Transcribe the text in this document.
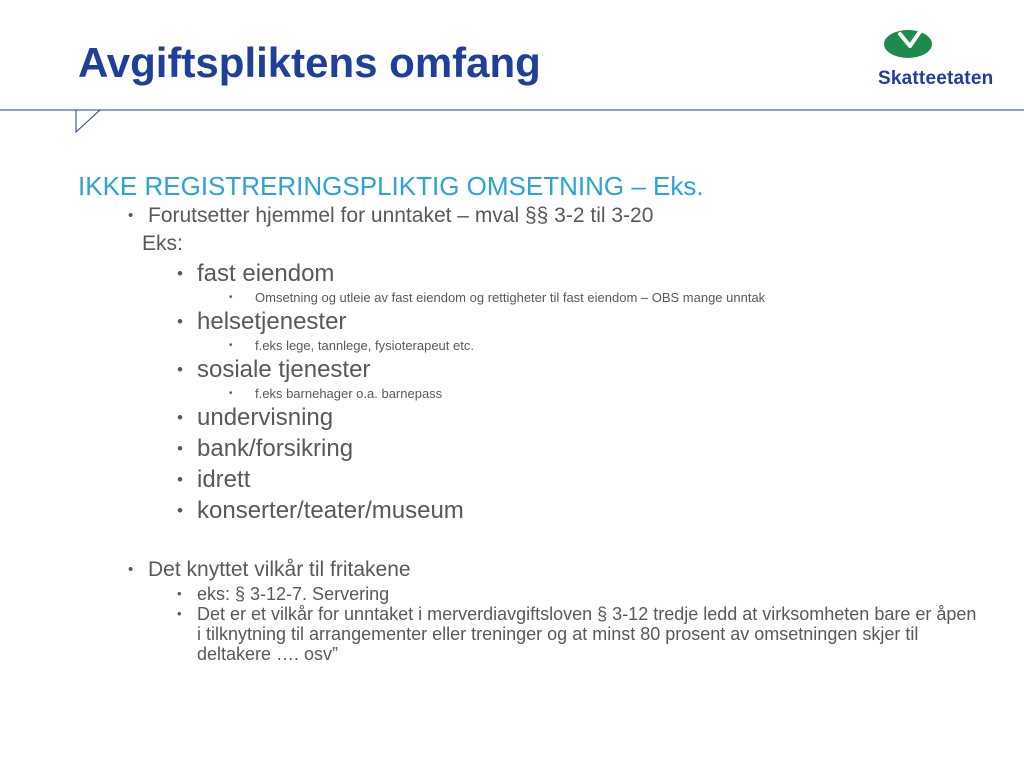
Avgiftspliktens omfang	Skatteetaten
IKKE REGISTRERINGSPLIKTIG OMSETNING – Eks.
• Forutsetter hjemmel for unntaket – mval §§ 3-2 til 3-20
Eks:
• fast eiendom
• Omsetning og utleie av fast eiendom og rettigheter til fast eiendom – OBS mange unntak
• helsetjenester
• f.eks lege, tannlege, fysioterapeut etc.
• sosiale tjenester
• f.eks barnehager o.a. barnepass
• undervisning
• bank/forsikring
• idrett
• konserter/teater/museum
• Det knyttet vilkår til fritakene
• eks: § 3-12-7. Servering
• Det er et vilkår for unntaket i merverdiavgiftsloven § 3-12 tredje ledd at virksomheten bare er åpen i tilknytning til arrangementer eller treninger og at minst 80 prosent av omsetningen skjer til deltakere …. osv”
